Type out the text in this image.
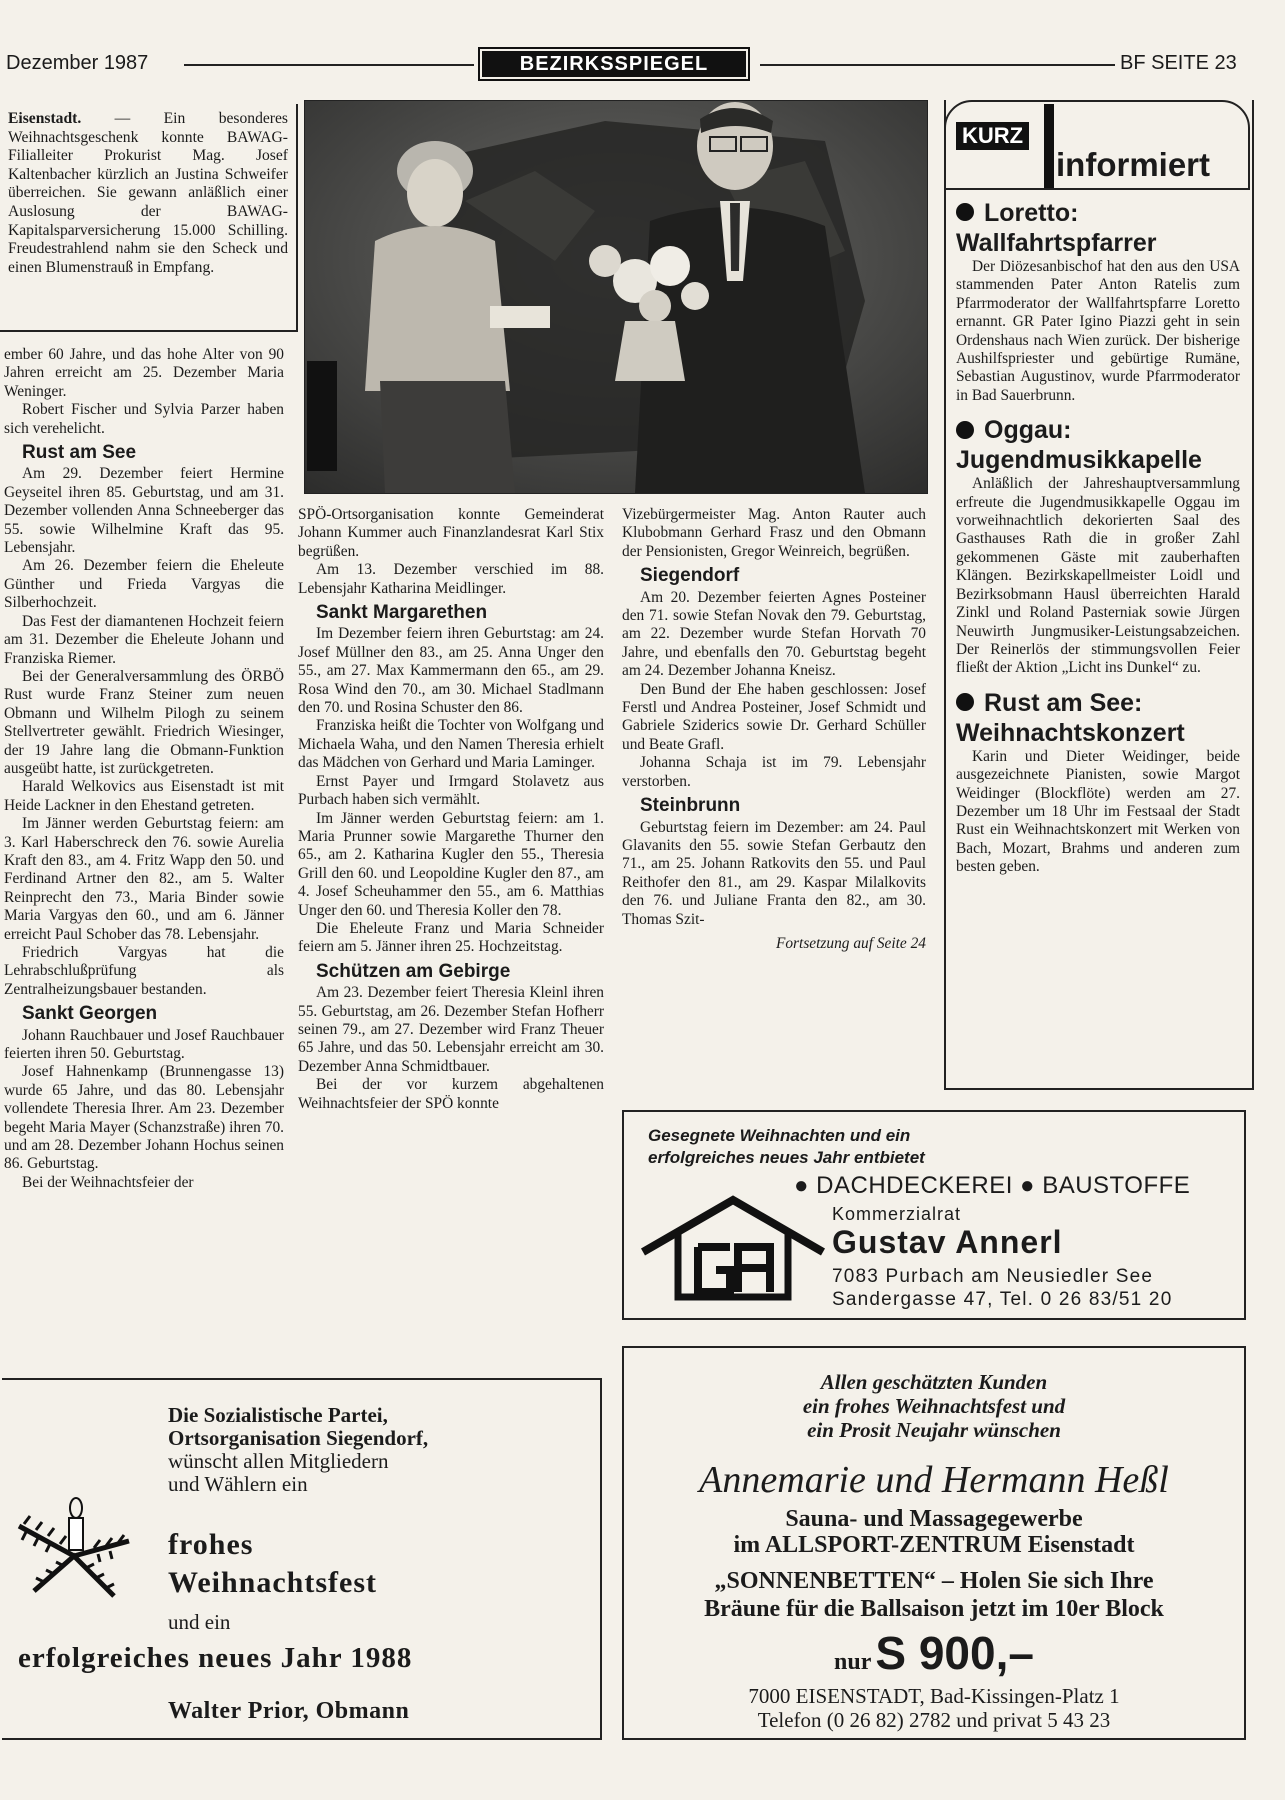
Dezember 1987	BEZIRKSSPIEGEL	BF SEITE 23

Eisenstadt. — Ein besonderes Weihnachtsgeschenk konnte BAWAG-Filialleiter Prokurist Mag. Josef Kaltenbacher kürzlich an Justina Schweifer überreichen. Sie gewann anläßlich einer Auslosung der BAWAG-Kapitalsparversicherung 15.000 Schilling. Freudestrahlend nahm sie den Scheck und einen Blumenstrauß in Empfang.

ember 60 Jahre, und das hohe Alter von 90 Jahren erreicht am 25. Dezember Maria Weninger.

Robert Fischer und Sylvia Parzer haben sich verehelicht.

Rust am See

Am 29. Dezember feiert Hermine Geyseitel ihren 85. Geburtstag, und am 31. Dezember vollenden Anna Schneeberger das 55. sowie Wilhelmine Kraft das 95. Lebensjahr.

Am 26. Dezember feiern die Eheleute Günther und Frieda Vargyas die Silberhochzeit.

Das Fest der diamantenen Hochzeit feiern am 31. Dezember die Eheleute Johann und Franziska Riemer.

Bei der Generalversammlung des ÖRBÖ Rust wurde Franz Steiner zum neuen Obmann und Wilhelm Pilogh zu seinem Stellvertreter gewählt. Friedrich Wiesinger, der 19 Jahre lang die Obmann-Funktion ausgeübt hatte, ist zurückgetreten.

Harald Welkovics aus Eisenstadt ist mit Heide Lackner in den Ehestand getreten.

Im Jänner werden Geburtstag feiern: am 3. Karl Haberschreck den 76. sowie Aurelia Kraft den 83., am 4. Fritz Wapp den 50. und Ferdinand Artner den 82., am 5. Walter Reinprecht den 73., Maria Binder sowie Maria Vargyas den 60., und am 6. Jänner erreicht Paul Schober das 78. Lebensjahr.

Friedrich Vargyas hat die Lehrabschlußprüfung als Zentralheizungsbauer bestanden.

Sankt Georgen

Johann Rauchbauer und Josef Rauchbauer feierten ihren 50. Geburtstag.

Josef Hahnenkamp (Brunnengasse 13) wurde 65 Jahre, und das 80. Lebensjahr vollendete Theresia Ihrer. Am 23. Dezember begeht Maria Mayer (Schanzstraße) ihren 70. und am 28. Dezember Johann Hochus seinen 86. Geburtstag.

Bei der Weihnachtsfeier der

SPÖ-Ortsorganisation konnte Gemeinderat Johann Kummer auch Finanzlandesrat Karl Stix begrüßen.

Am 13. Dezember verschied im 88. Lebensjahr Katharina Meidlinger.

Sankt Margarethen

Im Dezember feiern ihren Geburtstag: am 24. Josef Müllner den 83., am 25. Anna Unger den 55., am 27. Max Kammermann den 65., am 29. Rosa Wind den 70., am 30. Michael Stadlmann den 70. und Rosina Schuster den 86.

Franziska heißt die Tochter von Wolfgang und Michaela Waha, und den Namen Theresia erhielt das Mädchen von Gerhard und Maria Laminger.

Ernst Payer und Irmgard Stolavetz aus Purbach haben sich vermählt.

Im Jänner werden Geburtstag feiern: am 1. Maria Prunner sowie Margarethe Thurner den 65., am 2. Katharina Kugler den 55., Theresia Grill den 60. und Leopoldine Kugler den 87., am 4. Josef Scheuhammer den 55., am 6. Matthias Unger den 60. und Theresia Koller den 78.

Die Eheleute Franz und Maria Schneider feiern am 5. Jänner ihren 25. Hochzeitstag.

Schützen am Gebirge

Am 23. Dezember feiert Theresia Kleinl ihren 55. Geburtstag, am 26. Dezember Stefan Hofherr seinen 79., am 27. Dezember wird Franz Theuer 65 Jahre, und das 50. Lebensjahr erreicht am 30. Dezember Anna Schmidtbauer.

Bei der vor kurzem abgehaltenen Weihnachtsfeier der SPÖ konnte

Vizebürgermeister Mag. Anton Rauter auch Klubobmann Gerhard Frasz und den Obmann der Pensionisten, Gregor Weinreich, begrüßen.

Siegendorf

Am 20. Dezember feierten Agnes Posteiner den 71. sowie Stefan Novak den 79. Geburtstag, am 22. Dezember wurde Stefan Horvath 70 Jahre, und ebenfalls den 70. Geburtstag begeht am 24. Dezember Johanna Kneisz.

Den Bund der Ehe haben geschlossen: Josef Ferstl und Andrea Posteiner, Josef Schmidt und Gabriele Sziderics sowie Dr. Gerhard Schüller und Beate Grafl.

Johanna Schaja ist im 79. Lebensjahr verstorben.

Steinbrunn

Geburtstag feiern im Dezember: am 24. Paul Glavanits den 55. sowie Stefan Gerbautz den 71., am 25. Johann Ratkovits den 55. und Paul Reithofer den 81., am 29. Kaspar Milalkovits den 76. und Juliane Franta den 82., am 30. Thomas Szit-

Fortsetzung auf Seite 24

KURZ
informiert
Loretto:
Wallfahrtspfarrer

Der Diözesanbischof hat den aus den USA stammenden Pater Anton Ratelis zum Pfarrmoderator der Wallfahrtspfarre Loretto ernannt. GR Pater Igino Piazzi geht in sein Ordenshaus nach Wien zurück. Der bisherige Aushilfspriester und gebürtige Rumäne, Sebastian Augustinov, wurde Pfarrmoderator in Bad Sauerbrunn.

Oggau:
Jugendmusikkapelle

Anläßlich der Jahreshauptversammlung erfreute die Jugendmusikkapelle Oggau im vorweihnachtlich dekorierten Saal des Gasthauses Rath die in großer Zahl gekommenen Gäste mit zauberhaften Klängen. Bezirkskapellmeister Loidl und Bezirksobmann Hausl überreichten Harald Zinkl und Roland Pasterniak sowie Jürgen Neuwirth Jungmusiker-Leistungsabzeichen. Der Reinerlös der stimmungsvollen Feier fließt der Aktion „Licht ins Dunkel“ zu.

Rust am See:
Weihnachtskonzert

Karin und Dieter Weidinger, beide ausgezeichnete Pianisten, sowie Margot Weidinger (Blockflöte) werden am 27. Dezember um 18 Uhr im Festsaal der Stadt Rust ein Weihnachtskonzert mit Werken von Bach, Mozart, Brahms und anderen zum besten geben.

Gesegnete Weihnachten und ein
erfolgreiches neues Jahr entbietet
● DACHDECKEREI ● BAUSTOFFE
Kommerzialrat
Gustav Annerl
7083 Purbach am Neusiedler See
Sandergasse 47, Tel. 0 26 83/51 20
Die Sozialistische Partei,
Ortsorganisation Siegendorf,
wünscht allen Mitgliedern
und Wählern ein
frohes
Weihnachtsfest
und ein
erfolgreiches neues Jahr 1988
Walter Prior, Obmann
Allen geschätzten Kunden
ein frohes Weihnachtsfest und
ein Prosit Neujahr wünschen
Annemarie und Hermann Heßl
Sauna- und Massagegewerbe
im ALLSPORT-ZENTRUM Eisenstadt
„SONNENBETTEN“ – Holen Sie sich Ihre
Bräune für die Ballsaison jetzt im 10er Block
nur S 900,–
7000 EISENSTADT, Bad-Kissingen-Platz 1
Telefon (0 26 82) 2782 und privat 5 43 23
